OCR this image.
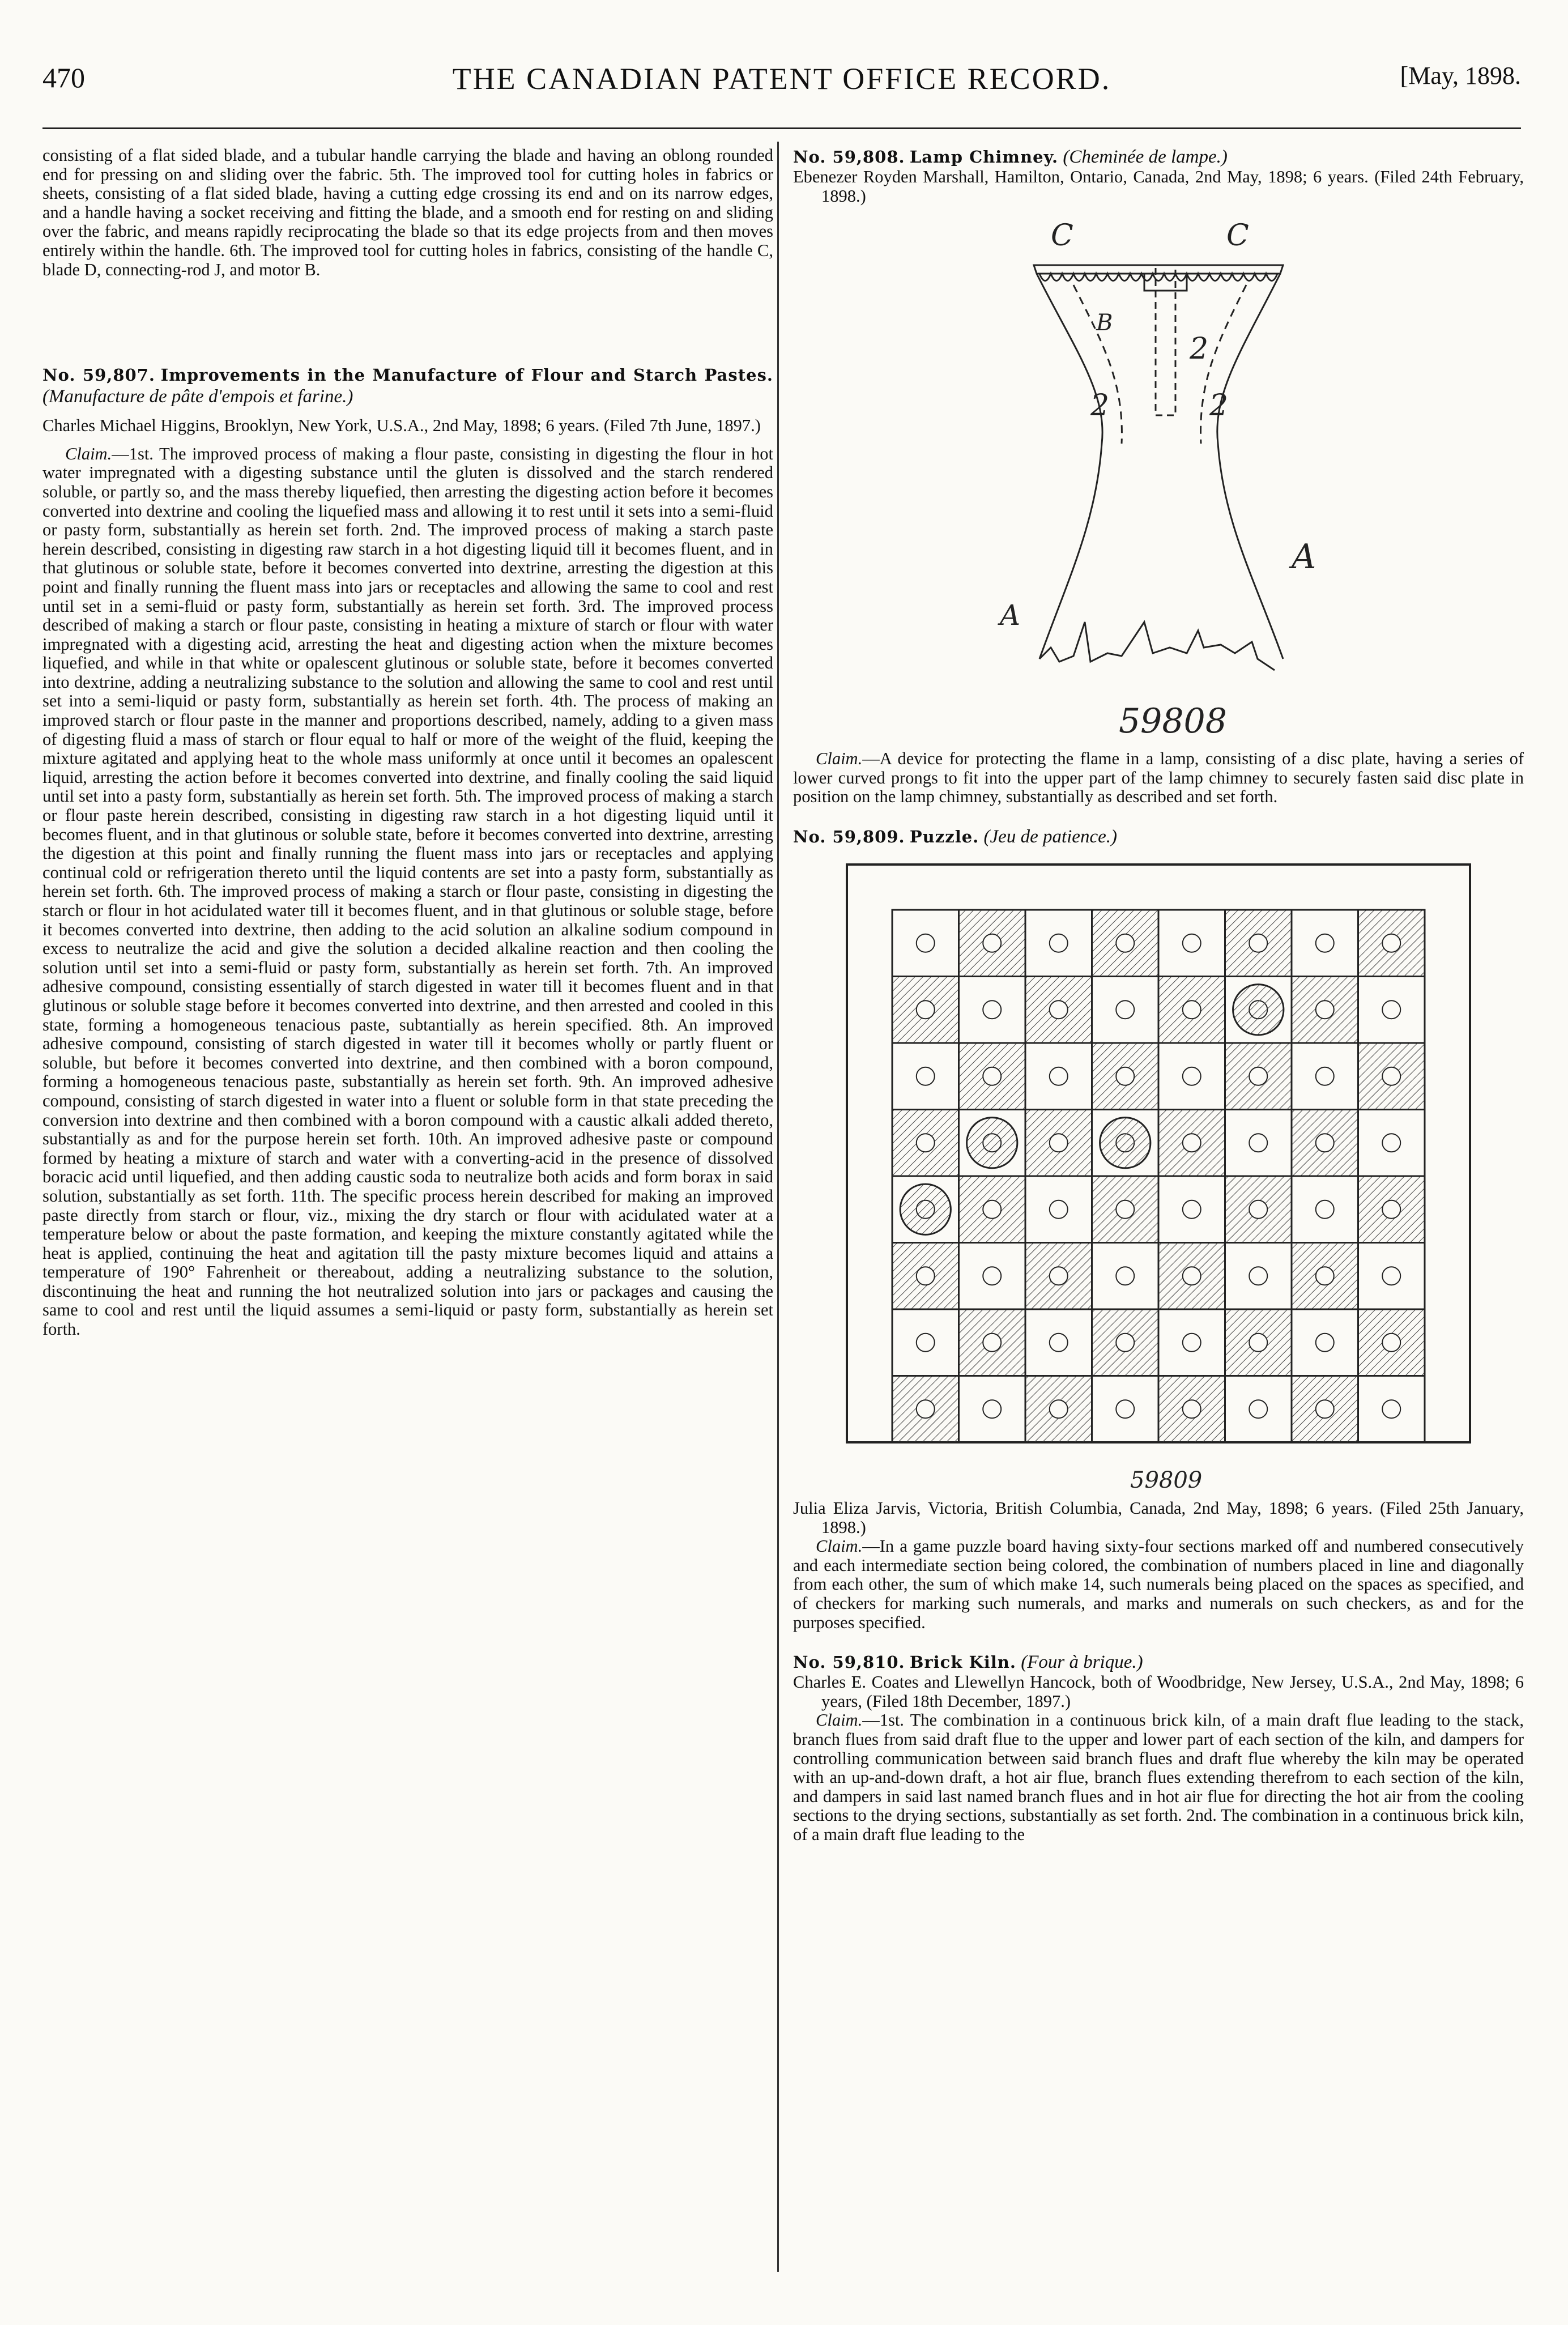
470	THE CANADIAN PATENT OFFICE RECORD.	[May, 1898.

consisting of a flat sided blade, and a tubular handle carrying the blade and having an oblong rounded end for pressing on and sliding over the fabric. 5th. The improved tool for cutting holes in fabrics or sheets, consisting of a flat sided blade, having a cutting edge crossing its end and on its narrow edges, and a handle having a socket receiving and fitting the blade, and a smooth end for resting on and sliding over the fabric, and means rapidly reciprocating the blade so that its edge projects from and then moves entirely within the handle. 6th. The improved tool for cutting holes in fabrics, consisting of the handle C, blade D, connecting-rod J, and motor B.

No. 59,807. Improvements in the Manufacture of Flour and Starch Pastes. (Manufacture de pâte d'empois et farine.)

Charles Michael Higgins, Brooklyn, New York, U.S.A., 2nd May, 1898; 6 years. (Filed 7th June, 1897.)

Claim.—1st. The improved process of making a flour paste, consisting in digesting the flour in hot water impregnated with a digesting substance until the gluten is dissolved and the starch rendered soluble, or partly so, and the mass thereby liquefied, then arresting the digesting action before it becomes converted into dextrine and cooling the liquefied mass and allowing it to rest until it sets into a semi-fluid or pasty form, substantially as herein set forth. 2nd. The improved process of making a starch paste herein described, consisting in digesting raw starch in a hot digesting liquid till it becomes fluent, and in that glutinous or soluble state, before it becomes converted into dextrine, arresting the digestion at this point and finally running the fluent mass into jars or receptacles and allowing the same to cool and rest until set in a semi-fluid or pasty form, substantially as herein set forth. 3rd. The improved process described of making a starch or flour paste, consisting in heating a mixture of starch or flour with water impregnated with a digesting acid, arresting the heat and digesting action when the mixture becomes liquefied, and while in that white or opalescent glutinous or soluble state, before it becomes converted into dextrine, adding a neutralizing substance to the solution and allowing the same to cool and rest until set into a semi-liquid or pasty form, substantially as herein set forth. 4th. The process of making an improved starch or flour paste in the manner and proportions described, namely, adding to a given mass of digesting fluid a mass of starch or flour equal to half or more of the weight of the fluid, keeping the mixture agitated and applying heat to the whole mass uniformly at once until it becomes an opalescent liquid, arresting the action before it becomes converted into dextrine, and finally cooling the said liquid until set into a pasty form, substantially as herein set forth. 5th. The improved process of making a starch or flour paste herein described, consisting in digesting raw starch in a hot digesting liquid until it becomes fluent, and in that glutinous or soluble state, before it becomes converted into dextrine, arresting the digestion at this point and finally running the fluent mass into jars or receptacles and applying continual cold or refrigeration thereto until the liquid contents are set into a pasty form, substantially as herein set forth. 6th. The improved process of making a starch or flour paste, consisting in digesting the starch or flour in hot acidulated water till it becomes fluent, and in that glutinous or soluble stage, before it becomes converted into dextrine, then adding to the acid solution an alkaline sodium compound in excess to neutralize the acid and give the solution a decided alkaline reaction and then cooling the solution until set into a semi-fluid or pasty form, substantially as herein set forth. 7th. An improved adhesive compound, consisting essentially of starch digested in water till it becomes fluent and in that glutinous or soluble stage before it becomes converted into dextrine, and then arrested and cooled in this state, forming a homogeneous tenacious paste, subtantially as herein specified. 8th. An improved adhesive compound, consisting of starch digested in water till it becomes wholly or partly fluent or soluble, but before it becomes converted into dextrine, and then combined with a boron compound, forming a homogeneous tenacious paste, substantially as herein set forth. 9th. An improved adhesive compound, consisting of starch digested in water into a fluent or soluble form in that state preceding the conversion into dextrine and then combined with a boron compound with a caustic alkali added thereto, substantially as and for the purpose herein set forth. 10th. An improved adhesive paste or compound formed by heating a mixture of starch and water with a converting-acid in the presence of dissolved boracic acid until liquefied, and then adding caustic soda to neutralize both acids and form borax in said solution, substantially as set forth. 11th. The specific process herein described for making an improved paste directly from starch or flour, viz., mixing the dry starch or flour with acidulated water at a temperature below or about the paste formation, and keeping the mixture constantly agitated while the heat is applied, continuing the heat and agitation till the pasty mixture becomes liquid and attains a temperature of 190° Fahrenheit or thereabout, adding a neutralizing substance to the solution, discontinuing the heat and running the hot neutralized solution into jars or packages and causing the same to cool and rest until the liquid assumes a semi-liquid or pasty form, substantially as herein set forth.

No. 59,808. Lamp Chimney. (Cheminée de lampe.)

Ebenezer Royden Marshall, Hamilton, Ontario, Canada, 2nd May, 1898; 6 years. (Filed 24th February, 1898.)

C	C
B
2
2	2
A
A
59808

Claim.—A device for protecting the flame in a lamp, consisting of a disc plate, having a series of lower curved prongs to fit into the upper part of the lamp chimney to securely fasten said disc plate in position on the lamp chimney, substantially as described and set forth.

No. 59,809. Puzzle. (Jeu de patience.)
59809

Julia Eliza Jarvis, Victoria, British Columbia, Canada, 2nd May, 1898; 6 years. (Filed 25th January, 1898.)

Claim.—In a game puzzle board having sixty-four sections marked off and numbered consecutively and each intermediate section being colored, the combination of numbers placed in line and diagonally from each other, the sum of which make 14, such numerals being placed on the spaces as specified, and of checkers for marking such numerals, and marks and numerals on such checkers, as and for the purposes specified.

No. 59,810. Brick Kiln. (Four à brique.)

Charles E. Coates and Llewellyn Hancock, both of Woodbridge, New Jersey, U.S.A., 2nd May, 1898; 6 years, (Filed 18th December, 1897.)

Claim.—1st. The combination in a continuous brick kiln, of a main draft flue leading to the stack, branch flues from said draft flue to the upper and lower part of each section of the kiln, and dampers for controlling communication between said branch flues and draft flue whereby the kiln may be operated with an up-and-down draft, a hot air flue, branch flues extending therefrom to each section of the kiln, and dampers in said last named branch flues and in hot air flue for directing the hot air from the cooling sections to the drying sections, substantially as set forth. 2nd. The combination in a continuous brick kiln, of a main draft flue leading to the
